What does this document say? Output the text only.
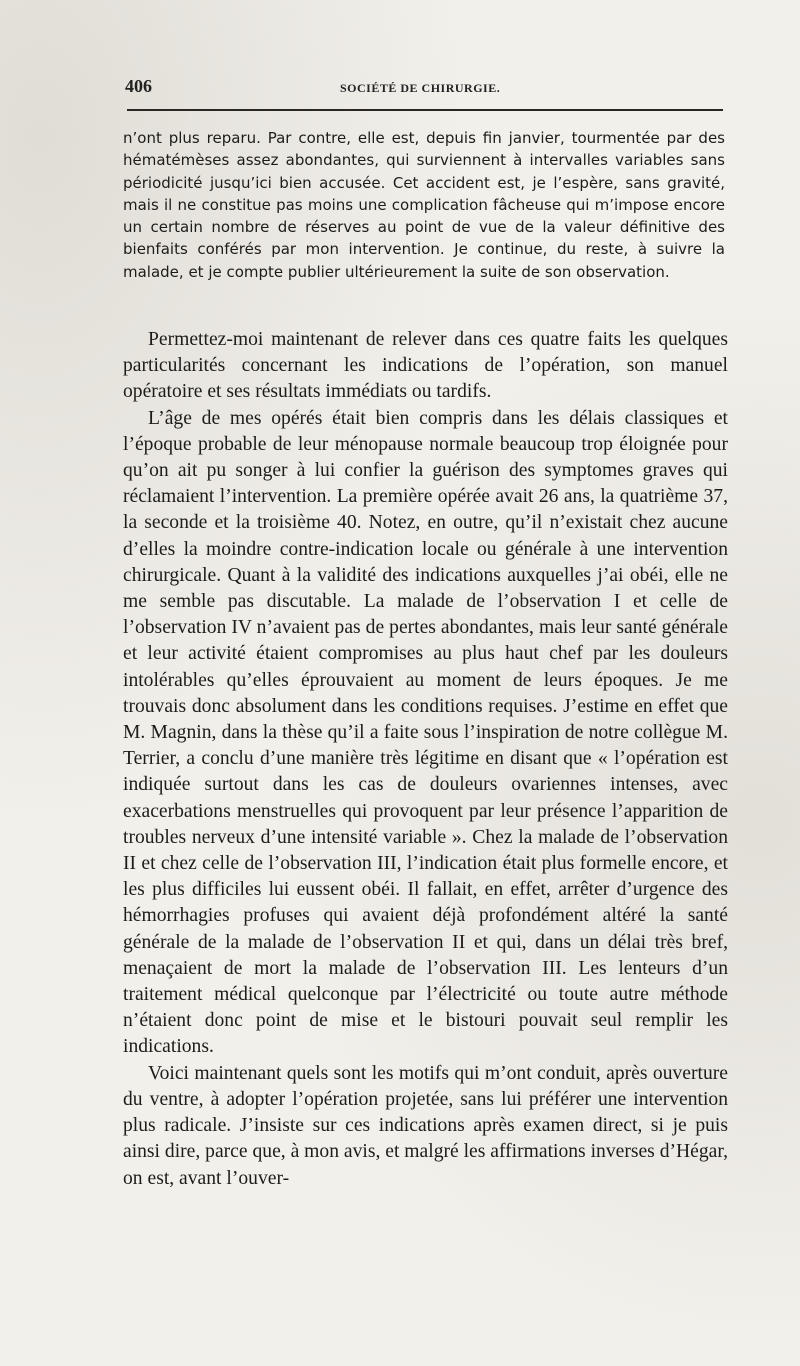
406	SOCIÉTÉ DE CHIRURGIE.

n’ont plus reparu. Par contre, elle est, depuis fin janvier, tourmentée par des hématémèses assez abondantes, qui surviennent à intervalles variables sans périodicité jusqu’ici bien accusée. Cet accident est, je l’espère, sans gravité, mais il ne constitue pas moins une complication fâcheuse qui m’impose encore un certain nombre de réserves au point de vue de la valeur définitive des bienfaits conférés par mon intervention. Je continue, du reste, à suivre la malade, et je compte publier ultérieurement la suite de son observation.

Permettez-moi maintenant de relever dans ces quatre faits les quelques particularités concernant les indications de l’opération, son manuel opératoire et ses résultats immédiats ou tardifs.

L’âge de mes opérés était bien compris dans les délais classiques et l’époque probable de leur ménopause normale beaucoup trop éloignée pour qu’on ait pu songer à lui confier la guérison des symptomes graves qui réclamaient l’intervention. La première opérée avait 26 ans, la quatrième 37, la seconde et la troisième 40. Notez, en outre, qu’il n’existait chez aucune d’elles la moindre contre-indication locale ou générale à une intervention chirurgicale. Quant à la validité des indications auxquelles j’ai obéi, elle ne me semble pas discutable. La malade de l’observation I et celle de l’observation IV n’avaient pas de pertes abondantes, mais leur santé générale et leur activité étaient compromises au plus haut chef par les douleurs intolérables qu’elles éprouvaient au moment de leurs époques. Je me trouvais donc absolument dans les conditions requises. J’estime en effet que M. Magnin, dans la thèse qu’il a faite sous l’inspiration de notre collègue M. Terrier, a conclu d’une manière très légitime en disant que « l’opération est indiquée surtout dans les cas de douleurs ovariennes intenses, avec exacerbations menstruelles qui provoquent par leur présence l’apparition de troubles nerveux d’une intensité variable ». Chez la malade de l’observation II et chez celle de l’observation III, l’indication était plus formelle encore, et les plus difficiles lui eussent obéi. Il fallait, en effet, arrêter d’urgence des hémorrhagies profuses qui avaient déjà profondément altéré la santé générale de la malade de l’observation II et qui, dans un délai très bref, menaçaient de mort la malade de l’observation III. Les lenteurs d’un traitement médical quelconque par l’électricité ou toute autre méthode n’étaient donc point de mise et le bistouri pouvait seul remplir les indications.

Voici maintenant quels sont les motifs qui m’ont conduit, après ouverture du ventre, à adopter l’opération projetée, sans lui préférer une intervention plus radicale. J’insiste sur ces indications après examen direct, si je puis ainsi dire, parce que, à mon avis, et malgré les affirmations inverses d’Hégar, on est, avant l’ouver-
